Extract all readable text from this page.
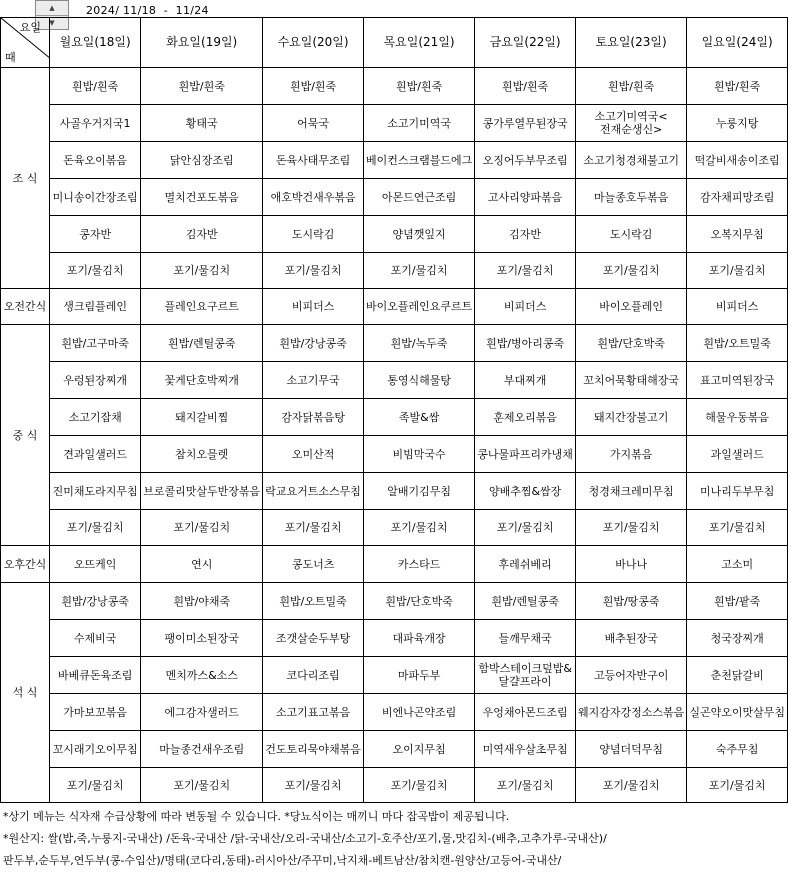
▲
▼
2024/ 11/18  -  11/24
요일
때	월요일(18일)	화요일(19일)	수요일(20일)	목요일(21일)	금요일(22일)	토요일(23일)	일요일(24일)
조 식	흰밥/흰죽	흰밥/흰죽	흰밥/흰죽	흰밥/흰죽	흰밥/흰죽	흰밥/흰죽	흰밥/흰죽
	사골우거지국1	황태국	어묵국	소고기미역국	콩가루열무된장국	소고기미역국<전재순생신>	누룽지탕
	돈육오이볶음	닭안심장조림	돈육사태무조림	베이컨스크램블드에그	오징어두부무조림	소고기청경채불고기	떡갈비새송이조림
	미니송이간장조림	멸치건포도볶음	애호박건새우볶음	아몬드연근조림	고사리양파볶음	마늘종호두볶음	감자채피망조림
	콩자반	김자반	도시락김	양념깻잎지	김자반	도시락김	오복지무침
	포기/물김치	포기/물김치	포기/물김치	포기/물김치	포기/물김치	포기/물김치	포기/물김치
오전간식	생크림플레인	플레인요구르트	비피더스	바이오플레인요쿠르트	비피더스	바이오플레인	비피더스
중 식	흰밥/고구마죽	흰밥/렌틸콩죽	흰밥/강낭콩죽	흰밥/녹두죽	흰밥/병아리콩죽	흰밥/단호박죽	흰밥/오트밀죽
	우렁된장찌개	꽃게단호박찌개	소고기무국	통영식해물탕	부대찌개	꼬치어묵황태해장국	표고미역된장국
	소고기잡채	돼지갈비찜	감자닭볶음탕	족발&쌈	훈제오리볶음	돼지간장불고기	해물우동볶음
	견과일샐러드	참치오믈렛	오미산적	비빔막국수	콩나물파프리카냉채	가지볶음	과일샐러드
	진미채도라지무침	브로콜리맛살두반장볶음	락교요거트소스무침	알배기김무침	양배추찜&쌈장	청경채크레미무침	미나리두부무침
	포기/물김치	포기/물김치	포기/물김치	포기/물김치	포기/물김치	포기/물김치	포기/물김치
오후간식	오뜨케익	연시	콩도너츠	카스타드	후레쉬베리	바나나	고소미
석 식	흰밥/강낭콩죽	흰밥/야채죽	흰밥/오트밀죽	흰밥/단호박죽	흰밥/렌틸콩죽	흰밥/땅콩죽	흰밥/팥죽
	수제비국	팽이미소된장국	조갯살순두부탕	대파육개장	들깨무채국	배추된장국	청국장찌개
	바베큐돈육조림	멘치까스&소스	코다리조림	마파두부	함박스테이크덮밥&달걀프라이	고등어자반구이	춘천닭갈비
	가마보꼬볶음	에그감자샐러드	소고기표고볶음	비엔나곤약조림	우엉채아몬드조림	웨지감자강정소스볶음	실곤약오이맛살무침
	꼬시래기오이무침	마늘종건새우조림	건도토리묵야채볶음	오이지무침	미역새우살초무침	양념더덕무침	숙주무침
	포기/물김치	포기/물김치	포기/물김치	포기/물김치	포기/물김치	포기/물김치	포기/물김치
*상기 메뉴는 식자재 수급상황에 따라 변동될 수 있습니다. *당뇨식이는 매끼니 마다 잡곡밥이 제공됩니다.
*원산지: 쌀(밥,죽,누룽지-국내산) /돈육-국내산 /닭-국내산/오리-국내산/소고기-호주산/포기,물,맛김치-(배추,고추가루-국내산)/
판두부,순두부,연두부(콩-수입산)/명태(코다리,동태)-러시아산/주꾸미,낙지채-베트남산/참치캔-원양산/고등어-국내산/
